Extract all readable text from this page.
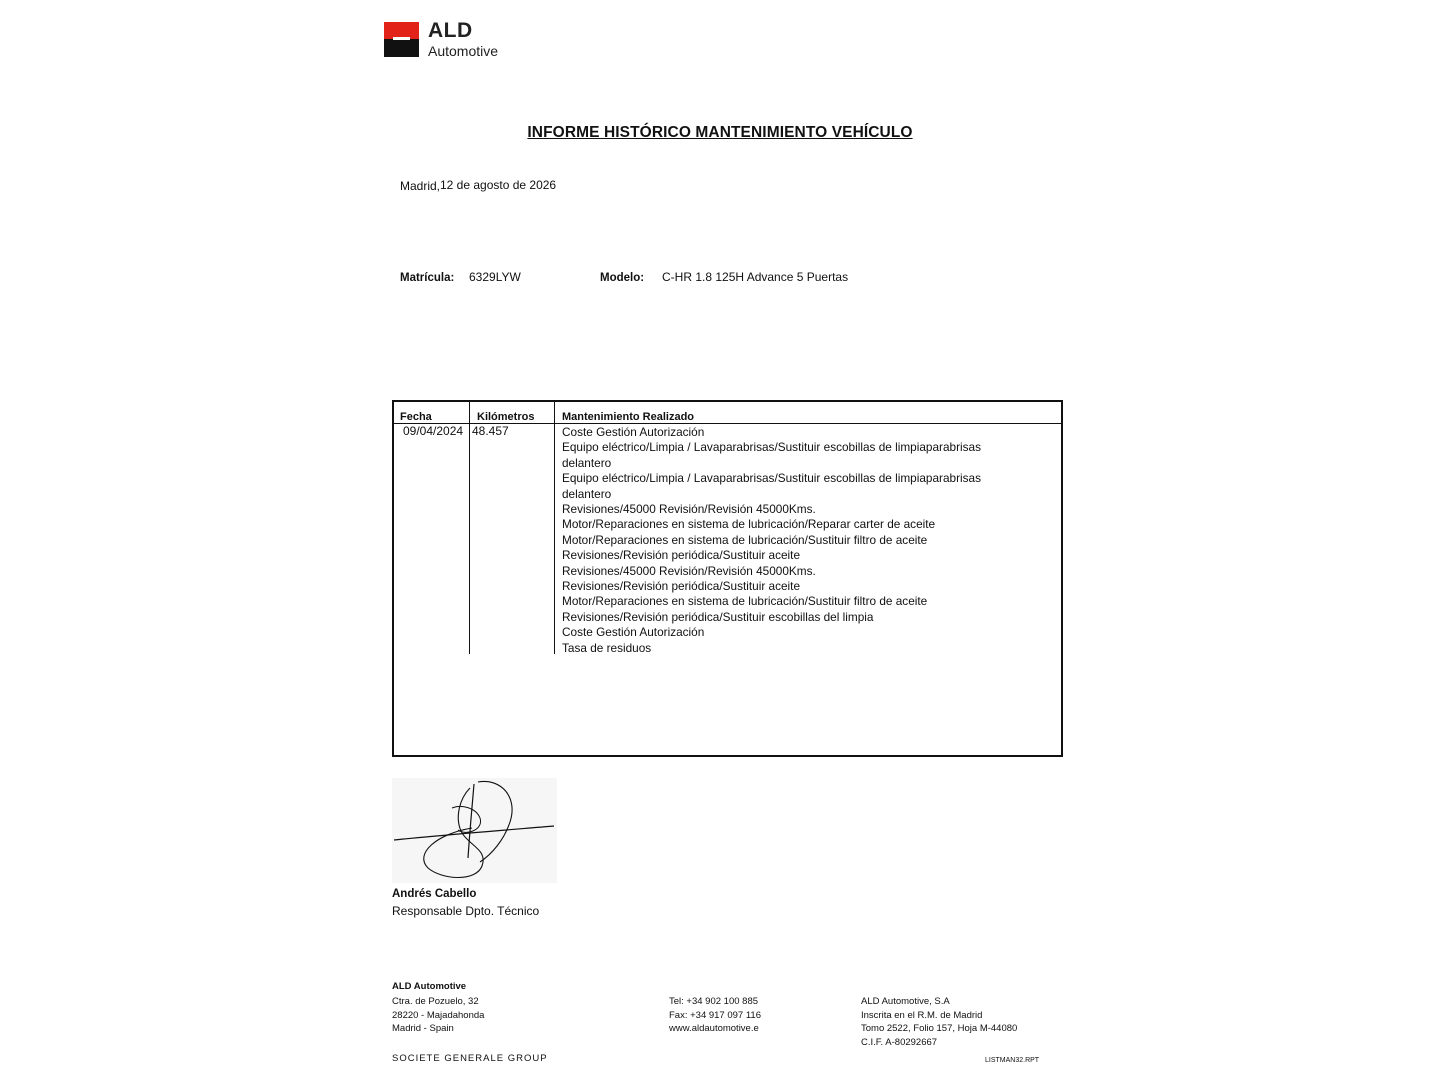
ALD
Automotive
INFORME HISTÓRICO MANTENIMIENTO VEHÍCULO
Madrid, 12 de agosto de 2026
Matrícula: 6329LYW	Modelo: C-HR 1.8 125H Advance 5 Puertas
Fecha	Kilómetros	Mantenimiento Realizado
09/04/2024 48.457	Coste Gestión Autorización
Equipo eléctrico/Limpia / Lavaparabrisas/Sustituir escobillas de limpiaparabrisas
delantero
Equipo eléctrico/Limpia / Lavaparabrisas/Sustituir escobillas de limpiaparabrisas
delantero
Revisiones/45000 Revisión/Revisión 45000Kms.
Motor/Reparaciones en sistema de lubricación/Reparar carter de aceite
Motor/Reparaciones en sistema de lubricación/Sustituir filtro de aceite
Revisiones/Revisión periódica/Sustituir aceite
Revisiones/45000 Revisión/Revisión 45000Kms.
Revisiones/Revisión periódica/Sustituir aceite
Motor/Reparaciones en sistema de lubricación/Sustituir filtro de aceite
Revisiones/Revisión periódica/Sustituir escobillas del limpia
Coste Gestión Autorización
Tasa de residuos
Andrés Cabello
Responsable Dpto. Técnico
ALD Automotive
Ctra. de Pozuelo, 32
28220 - Majadahonda
Madrid - Spain
Tel: +34 902 100 885
Fax: +34 917 097 116
www.aldautomotive.e
ALD Automotive, S.A
Inscrita en el R.M. de Madrid
Tomo 2522, Folio 157, Hoja M-44080
C.I.F. A-80292667
SOCIETE GENERALE GROUP	LISTMAN32.RPT
